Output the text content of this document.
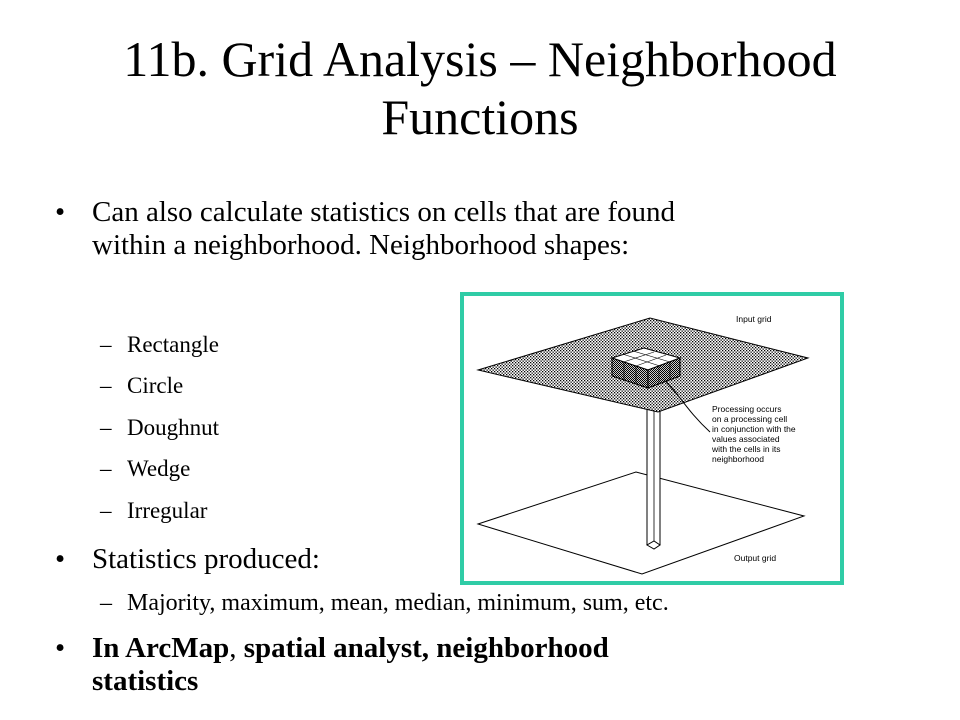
11b. Grid Analysis – Neighborhood
Functions
• Can also calculate statistics on cells that are found
within a neighborhood. Neighborhood shapes:
– Rectangle
– Circle
– Doughnut
– Wedge
– Irregular
• Statistics produced:
– Majority, maximum, mean, median, minimum, sum, etc.
• In ArcMap, spatial analyst, neighborhood
statistics
Input grid
Output grid
Processing occurs
on a processing cell
in conjunction with the
values associated
with the cells in its
neighborhood
